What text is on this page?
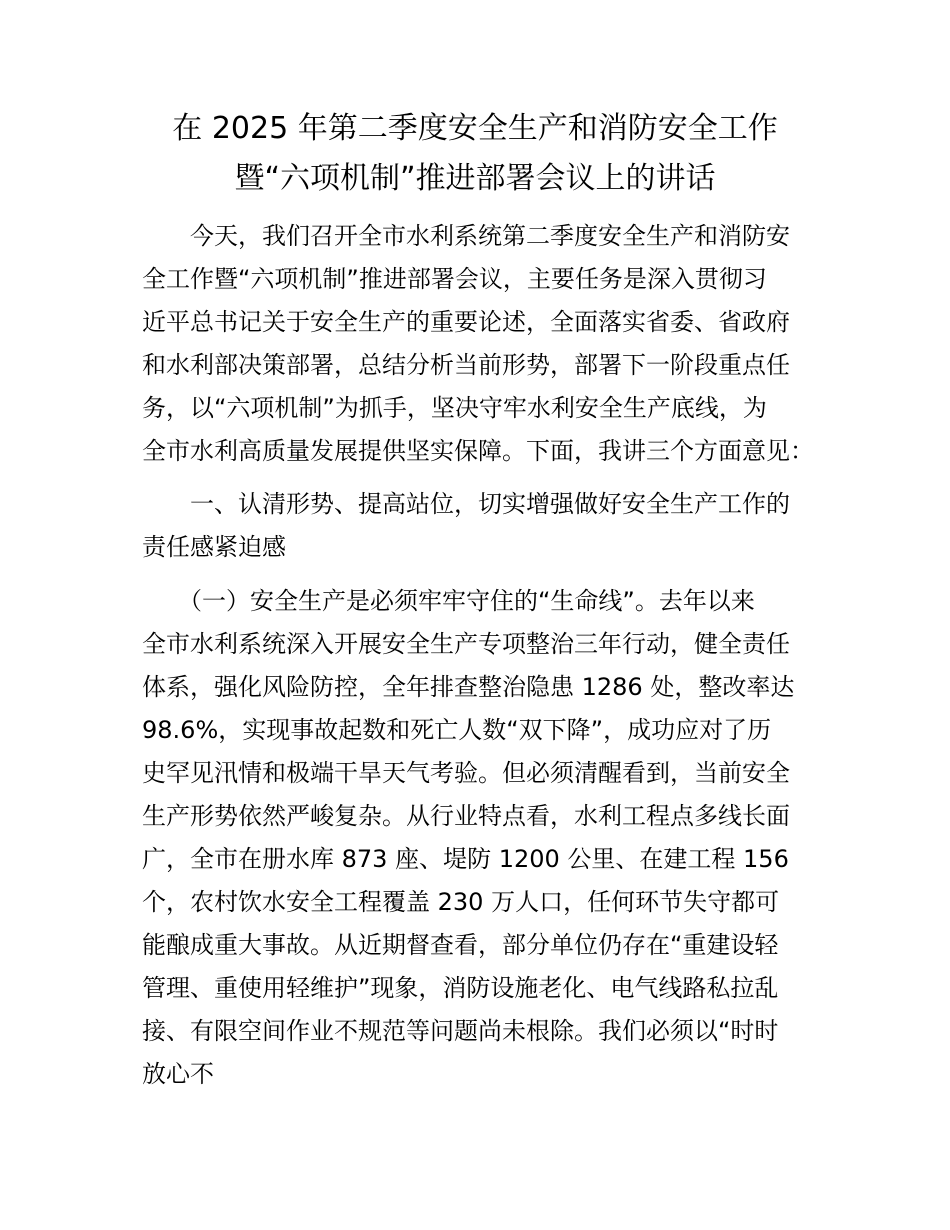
在 2025 年第二季度安全生产和消防安全工作
暨“六项机制”推进部署会议上的讲话
今天，我们召开全市水利系统第二季度安全生产和消防安
全工作暨“六项机制”推进部署会议，主要任务是深入贯彻习
近平总书记关于安全生产的重要论述，全面落实省委、省政府
和水利部决策部署，总结分析当前形势，部署下一阶段重点任
务，以“六项机制”为抓手，坚决守牢水利安全生产底线，为
全市水利高质量发展提供坚实保障。下面，我讲三个方面意见：
一、认清形势、提高站位，切实增强做好安全生产工作的
责任感紧迫感
（一）安全生产是必须牢牢守住的“生命线”。去年以来
全市水利系统深入开展安全生产专项整治三年行动，健全责任
体系，强化风险防控，全年排查整治隐患 1286 处，整改率达
98.6%，实现事故起数和死亡人数“双下降”，成功应对了历
史罕见汛情和极端干旱天气考验。但必须清醒看到，当前安全
生产形势依然严峻复杂。从行业特点看，水利工程点多线长面
广，全市在册水库 873 座、堤防 1200 公里、在建工程 156
个，农村饮水安全工程覆盖 230 万人口，任何环节失守都可
能酿成重大事故。从近期督查看，部分单位仍存在“重建设轻
管理、重使用轻维护”现象，消防设施老化、电气线路私拉乱
接、有限空间作业不规范等问题尚未根除。我们必须以“时时
放心不
